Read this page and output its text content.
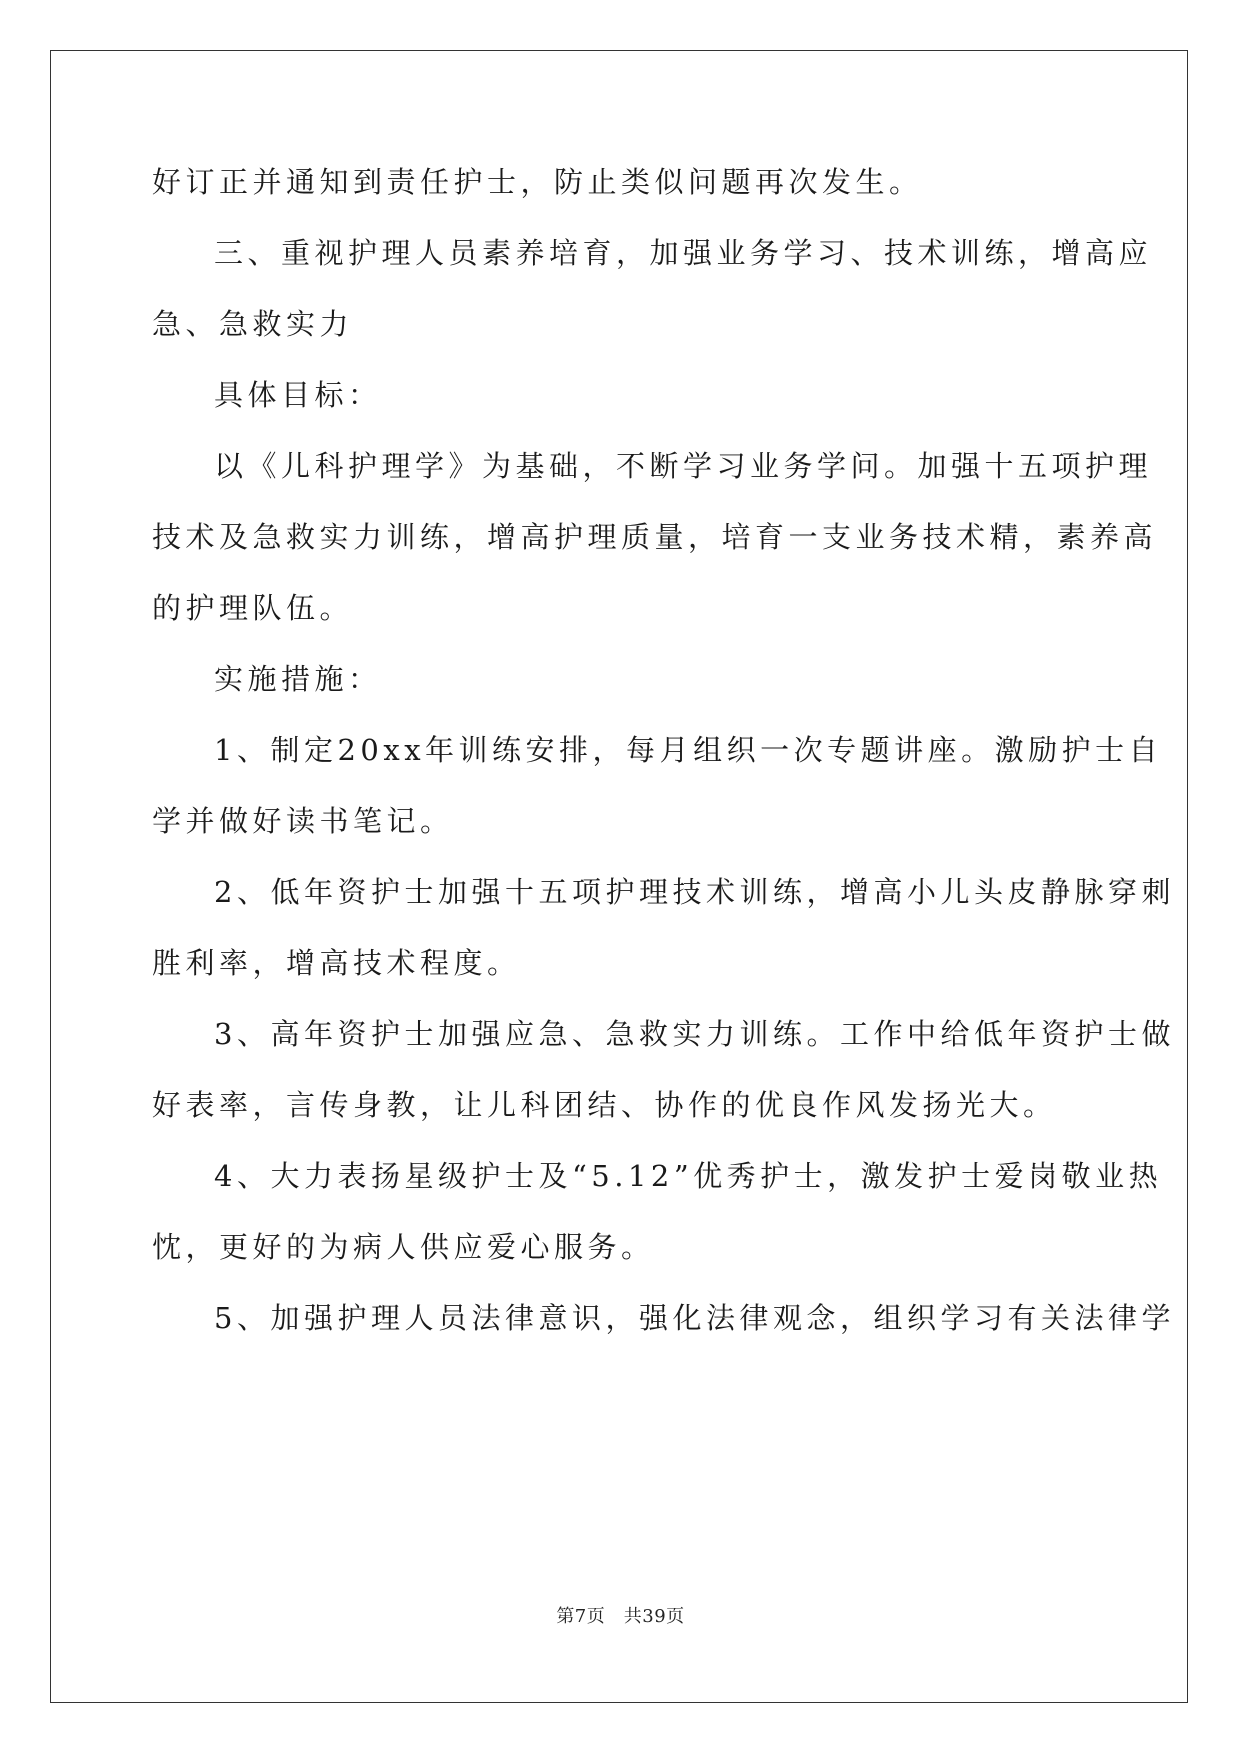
好订正并通知到责任护士，防止类似问题再次发生。
三、重视护理人员素养培育，加强业务学习、技术训练，增高应
急、急救实力
具体目标：
以《儿科护理学》为基础，不断学习业务学问。加强十五项护理
技术及急救实力训练，增高护理质量，培育一支业务技术精，素养高
的护理队伍。
实施措施：
1、制定20xx年训练安排，每月组织一次专题讲座。激励护士自
学并做好读书笔记。
2、低年资护士加强十五项护理技术训练，增高小儿头皮静脉穿刺
胜利率，增高技术程度。
3、高年资护士加强应急、急救实力训练。工作中给低年资护士做
好表率，言传身教，让儿科团结、协作的优良作风发扬光大。
4、大力表扬星级护士及“5.12”优秀护士，激发护士爱岗敬业热
忱，更好的为病人供应爱心服务。
5、加强护理人员法律意识，强化法律观念，组织学习有关法律学
第7页　共39页
